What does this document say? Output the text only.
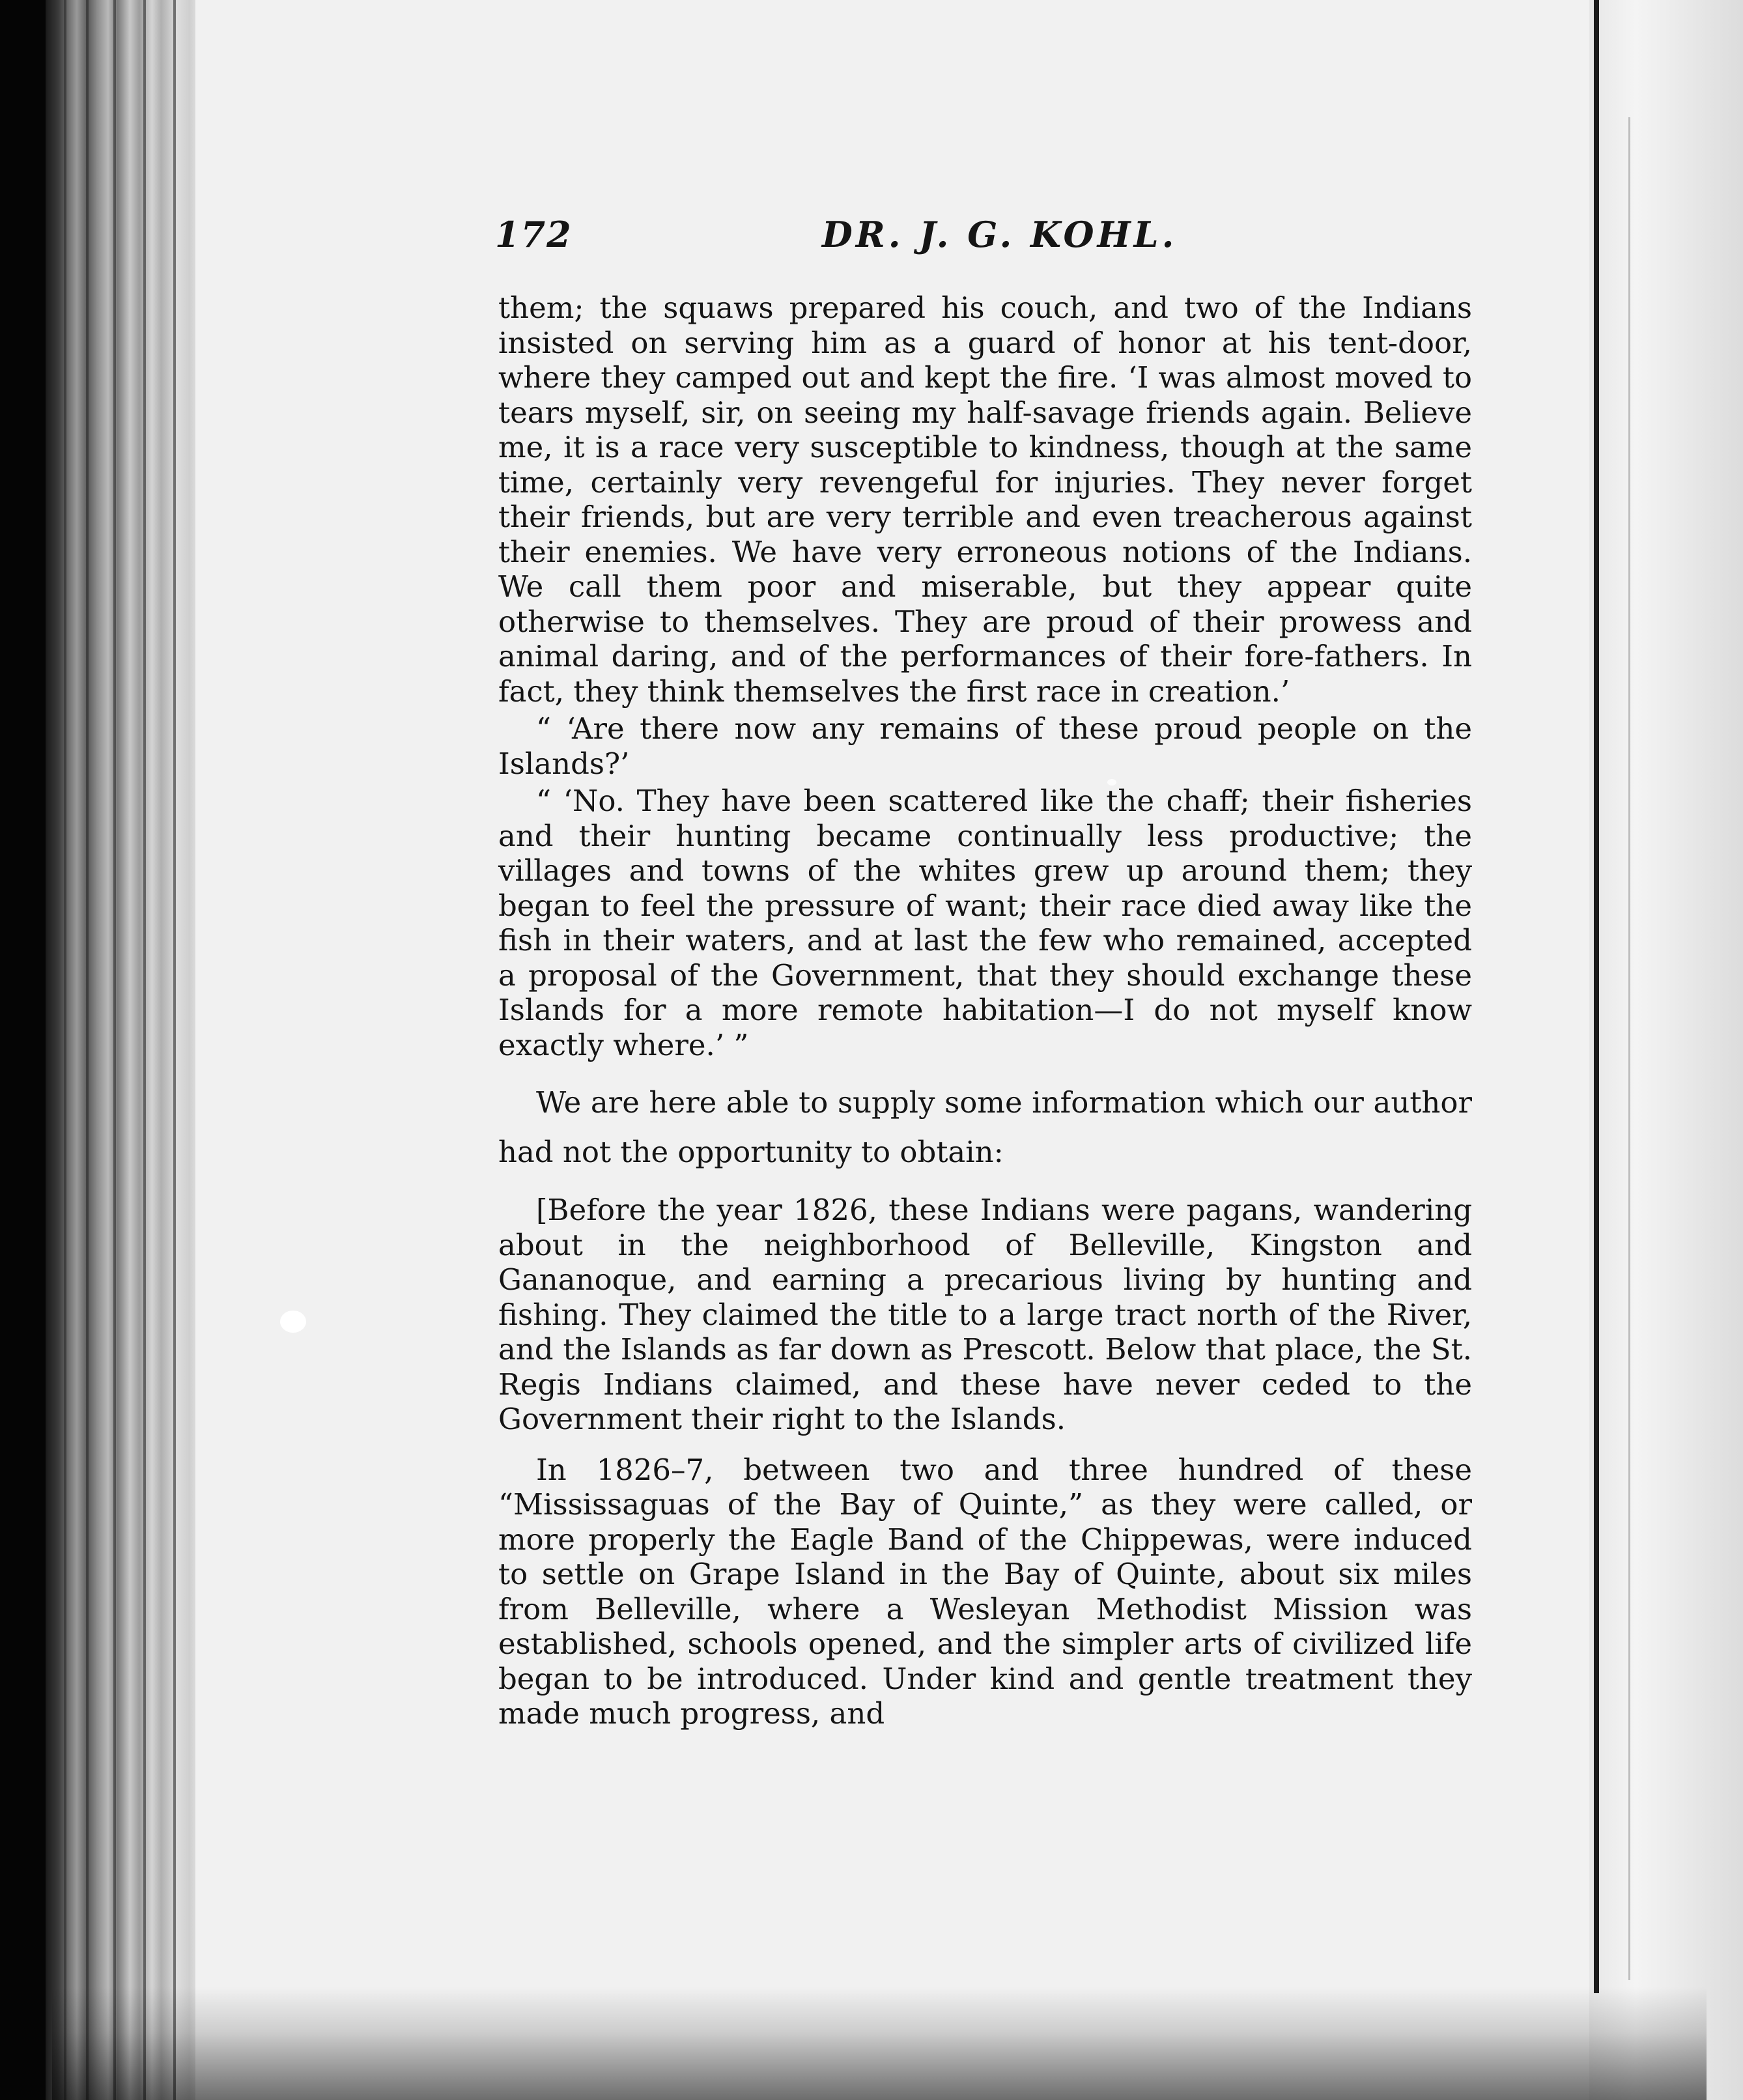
172	DR. J. G. KOHL.

them; the squaws prepared his couch, and two of the Indians insisted on serving him as a guard of honor at his tent-door, where they camped out and kept the fire. ‘I was almost moved to tears myself, sir, on seeing my half-savage friends again. Believe me, it is a race very susceptible to kindness, though at the same time, certainly very revengeful for injuries. They never forget their friends, but are very terrible and even treacherous against their enemies. We have very erroneous notions of the Indians. We call them poor and miserable, but they appear quite otherwise to themselves. They are proud of their prowess and animal daring, and of the performances of their fore-fathers. In fact, they think themselves the first race in creation.’

“ ‘Are there now any remains of these proud people on the Islands?’

“ ‘No. They have been scattered like the chaff; their fisheries and their hunting became continually less productive; the villages and towns of the whites grew up around them; they began to feel the pressure of want; their race died away like the fish in their waters, and at last the few who remained, accepted a proposal of the Government, that they should exchange these Islands for a more remote habitation—I do not myself know exactly where.’ ”

We are here able to supply some information which our author had not the opportunity to obtain:

[Before the year 1826, these Indians were pagans, wandering about in the neighborhood of Belleville, Kingston and Gananoque, and earning a precarious living by hunting and fishing. They claimed the title to a large tract north of the River, and the Islands as far down as Prescott. Below that place, the St. Regis Indians claimed, and these have never ceded to the Government their right to the Islands.

In 1826–7, between two and three hundred of these “Mississaguas of the Bay of Quinte,” as they were called, or more properly the Eagle Band of the Chippewas, were induced to settle on Grape Island in the Bay of Quinte, about six miles from Belleville, where a Wesleyan Methodist Mission was established, schools opened, and the simpler arts of civilized life began to be introduced. Under kind and gentle treatment they made much progress, and
